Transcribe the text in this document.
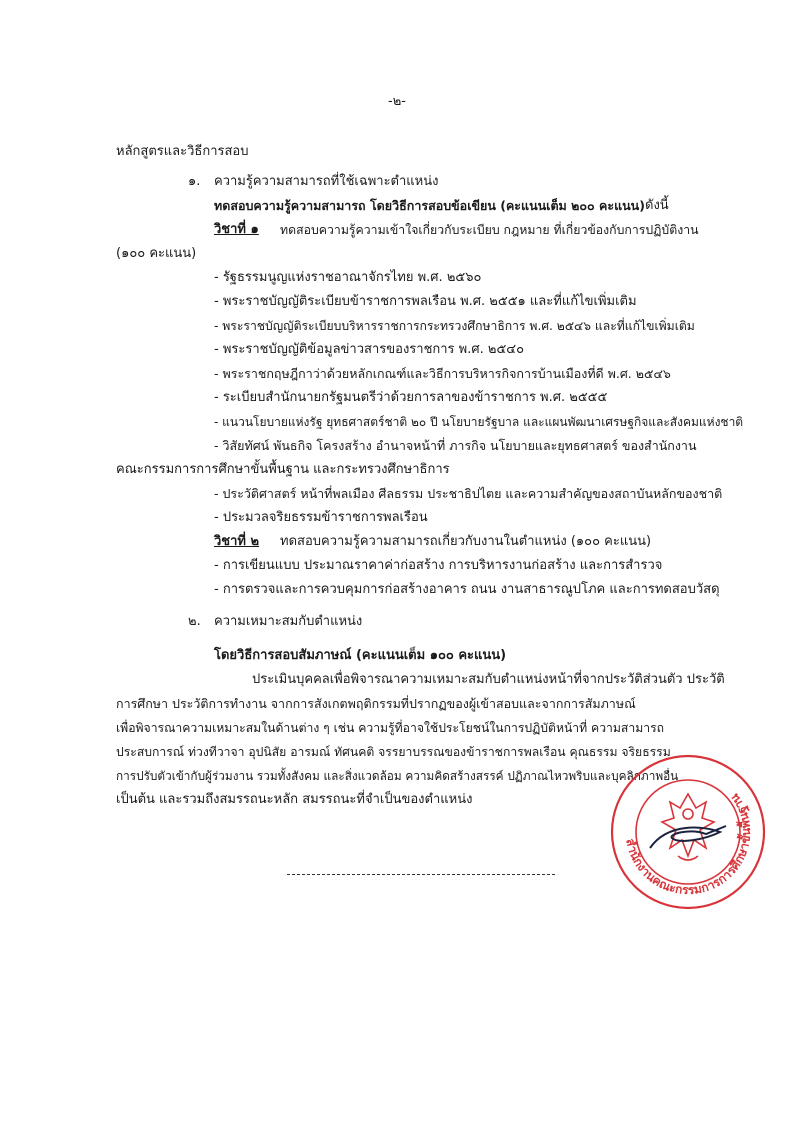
-๒-
หลักสูตรและวิธีการสอบ
๑. ความรู้ความสามารถที่ใช้เฉพาะตำแหน่ง
ทดสอบความรู้ความสามารถ โดยวิธีการสอบข้อเขียน (คะแนนเต็ม ๒๐๐ คะแนน) ดังนี้
วิชาที่ ๑ ทดสอบความรู้ความเข้าใจเกี่ยวกับระเบียบ กฎหมาย ที่เกี่ยวข้องกับการปฏิบัติงาน
(๑๐๐ คะแนน)
- รัฐธรรมนูญแห่งราชอาณาจักรไทย พ.ศ. ๒๕๖๐
- พระราชบัญญัติระเบียบข้าราชการพลเรือน พ.ศ. ๒๕๕๑ และที่แก้ไขเพิ่มเติม
- พระราชบัญญัติระเบียบบริหารราชการกระทรวงศึกษาธิการ พ.ศ. ๒๕๔๖ และที่แก้ไขเพิ่มเติม
- พระราชบัญญัติข้อมูลข่าวสารของราชการ พ.ศ. ๒๕๔๐
- พระราชกฤษฎีกาว่าด้วยหลักเกณฑ์และวิธีการบริหารกิจการบ้านเมืองที่ดี พ.ศ. ๒๕๔๖
- ระเบียบสำนักนายกรัฐมนตรีว่าด้วยการลาของข้าราชการ พ.ศ. ๒๕๕๕
- แนวนโยบายแห่งรัฐ ยุทธศาสตร์ชาติ ๒๐ ปี นโยบายรัฐบาล และแผนพัฒนาเศรษฐกิจและสังคมแห่งชาติ
- วิสัยทัศน์ พันธกิจ โครงสร้าง อำนาจหน้าที่ ภารกิจ นโยบายและยุทธศาสตร์ ของสำนักงาน
คณะกรรมการการศึกษาขั้นพื้นฐาน และกระทรวงศึกษาธิการ
- ประวัติศาสตร์ หน้าที่พลเมือง ศีลธรรม ประชาธิปไตย และความสำคัญของสถาบันหลักของชาติ
- ประมวลจริยธรรมข้าราชการพลเรือน
วิชาที่ ๒ ทดสอบความรู้ความสามารถเกี่ยวกับงานในตำแหน่ง (๑๐๐ คะแนน)
- การเขียนแบบ ประมาณราคาค่าก่อสร้าง การบริหารงานก่อสร้าง และการสำรวจ
- การตรวจและการควบคุมการก่อสร้างอาคาร ถนน งานสาธารณูปโภค และการทดสอบวัสดุ
๒. ความเหมาะสมกับตำแหน่ง
โดยวิธีการสอบสัมภาษณ์ (คะแนนเต็ม ๑๐๐ คะแนน)
ประเมินบุคคลเพื่อพิจารณาความเหมาะสมกับตำแหน่งหน้าที่จากประวัติส่วนตัว ประวัติ
การศึกษา ประวัติการทำงาน จากการสังเกตพฤติกรรมที่ปรากฏของผู้เข้าสอบและจากการสัมภาษณ์
เพื่อพิจารณาความเหมาะสมในด้านต่าง ๆ เช่น ความรู้ที่อาจใช้ประโยชน์ในการปฏิบัติหน้าที่ ความสามารถ
ประสบการณ์ ท่วงทีวาจา อุปนิสัย อารมณ์ ทัศนคติ จรรยาบรรณของข้าราชการพลเรือน คุณธรรม จริยธรรม
การปรับตัวเข้ากับผู้ร่วมงาน รวมทั้งสังคม และสิ่งแวดล้อม ความคิดสร้างสรรค์ ปฏิภาณไหวพริบและบุคลิกภาพอื่น
เป็นต้น และรวมถึงสมรรถนะหลัก สมรรถนะที่จำเป็นของตำแหน่ง
สำนักงานคณะกรรมการการศึกษาขั้นพื้นฐาน
